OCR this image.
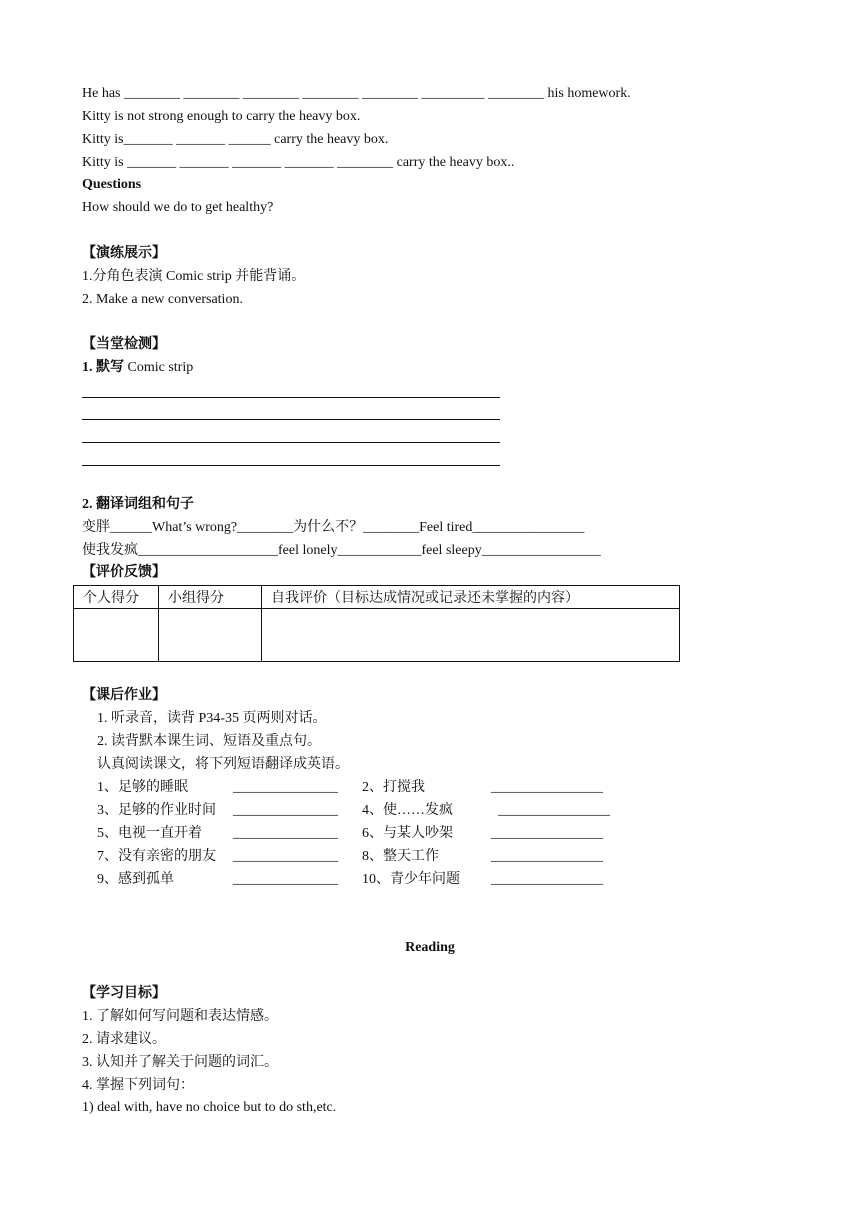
He has ________ ________ ________ ________ ________ _________ ________ his homework.
Kitty is not strong enough to carry the heavy box.
Kitty is_______ _______ ______ carry the heavy box.
Kitty is _______ _______ _______ _______ ________ carry the heavy box..
Questions
How should we do to get healthy?
【演练展示】
1.分角色表演 Comic strip 并能背诵。
2. Make a new conversation.
【当堂检测】
1. 默写 Comic strip
2. 翻译词组和句子
变胖______What’s wrong?________为什么不？________Feel tired________________
使我发疯____________________feel lonely____________feel sleepy_________________
【评价反馈】
个人得分	小组得分	自我评价（目标达成情况或记录还未掌握的内容）

【课后作业】
1. 听录音，读背 P34-35 页两则对话。
2. 读背默本课生词、短语及重点句。
认真阅读课文，将下列短语翻译成英语。
1、足够的睡眠	_______________ 2、打搅我	________________
3、足够的作业时间 _______________ 4、使……发疯	________________
5、电视一直开着 _______________ 6、与某人吵架	________________
7、没有亲密的朋友 _______________ 8、整天工作	________________
9、感到孤单	_______________ 10、青少年问题 ________________
Reading
【学习目标】
1. 了解如何写问题和表达情感。
2. 请求建议。
3. 认知并了解关于问题的词汇。
4. 掌握下列词句：
1) deal with, have no choice but to do sth,etc.
